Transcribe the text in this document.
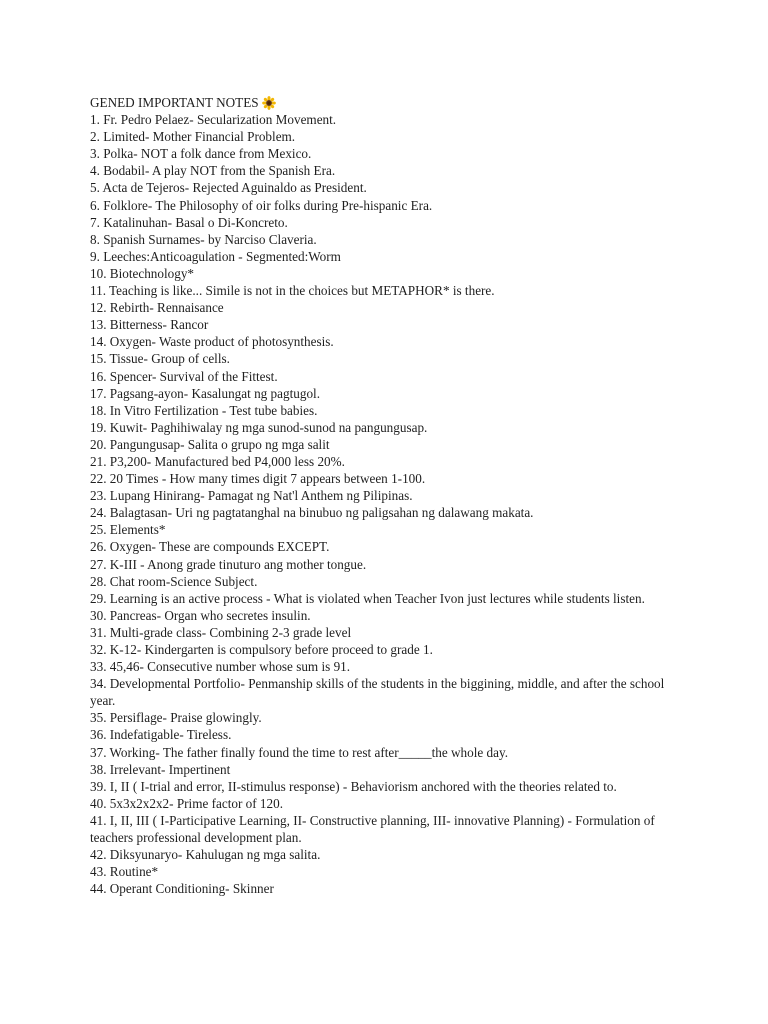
GENED IMPORTANT NOTES
1. Fr. Pedro Pelaez- Secularization Movement.
2. Limited- Mother Financial Problem.
3. Polka- NOT a folk dance from Mexico.
4. Bodabil- A play NOT from the Spanish Era.
5. Acta de Tejeros- Rejected Aguinaldo as President.
6. Folklore- The Philosophy of oir folks during Pre-hispanic Era.
7. Katalinuhan- Basal o Di-Koncreto.
8. Spanish Surnames- by Narciso Claveria.
9. Leeches:Anticoagulation - Segmented:Worm
10. Biotechnology*
11. Teaching is like... Simile is not in the choices but METAPHOR* is there.
12. Rebirth- Rennaisance
13. Bitterness- Rancor
14. Oxygen- Waste product of photosynthesis.
15. Tissue- Group of cells.
16. Spencer- Survival of the Fittest.
17. Pagsang-ayon- Kasalungat ng pagtugol.
18. In Vitro Fertilization - Test tube babies.
19. Kuwit- Paghihiwalay ng mga sunod-sunod na pangungusap.
20. Pangungusap- Salita o grupo ng mga salit
21. P3,200- Manufactured bed P4,000 less 20%.
22. 20 Times - How many times digit 7 appears between 1-100.
23. Lupang Hinirang- Pamagat ng Nat'l Anthem ng Pilipinas.
24. Balagtasan- Uri ng pagtatanghal na binubuo ng paligsahan ng dalawang makata.
25. Elements*
26. Oxygen- These are compounds EXCEPT.
27. K-III - Anong grade tinuturo ang mother tongue.
28. Chat room-Science Subject.
29. Learning is an active process - What is violated when Teacher Ivon just lectures while students listen.
30. Pancreas- Organ who secretes insulin.
31. Multi-grade class- Combining 2-3 grade level
32. K-12- Kindergarten is compulsory before proceed to grade 1.
33. 45,46- Consecutive number whose sum is 91.
34. Developmental Portfolio- Penmanship skills of the students in the biggining, middle, and after the school year.
35. Persiflage- Praise glowingly.
36. Indefatigable- Tireless.
37. Working- The father finally found the time to rest after_____the whole day.
38. Irrelevant- Impertinent
39. I, II ( I-trial and error, II-stimulus response) - Behaviorism anchored with the theories related to.
40. 5x3x2x2x2- Prime factor of 120.
41. I, II, III ( I-Participative Learning, II- Constructive planning, III- innovative Planning) - Formulation of teachers professional development plan.
42. Diksyunaryo- Kahulugan ng mga salita.
43. Routine*
44. Operant Conditioning- Skinner
